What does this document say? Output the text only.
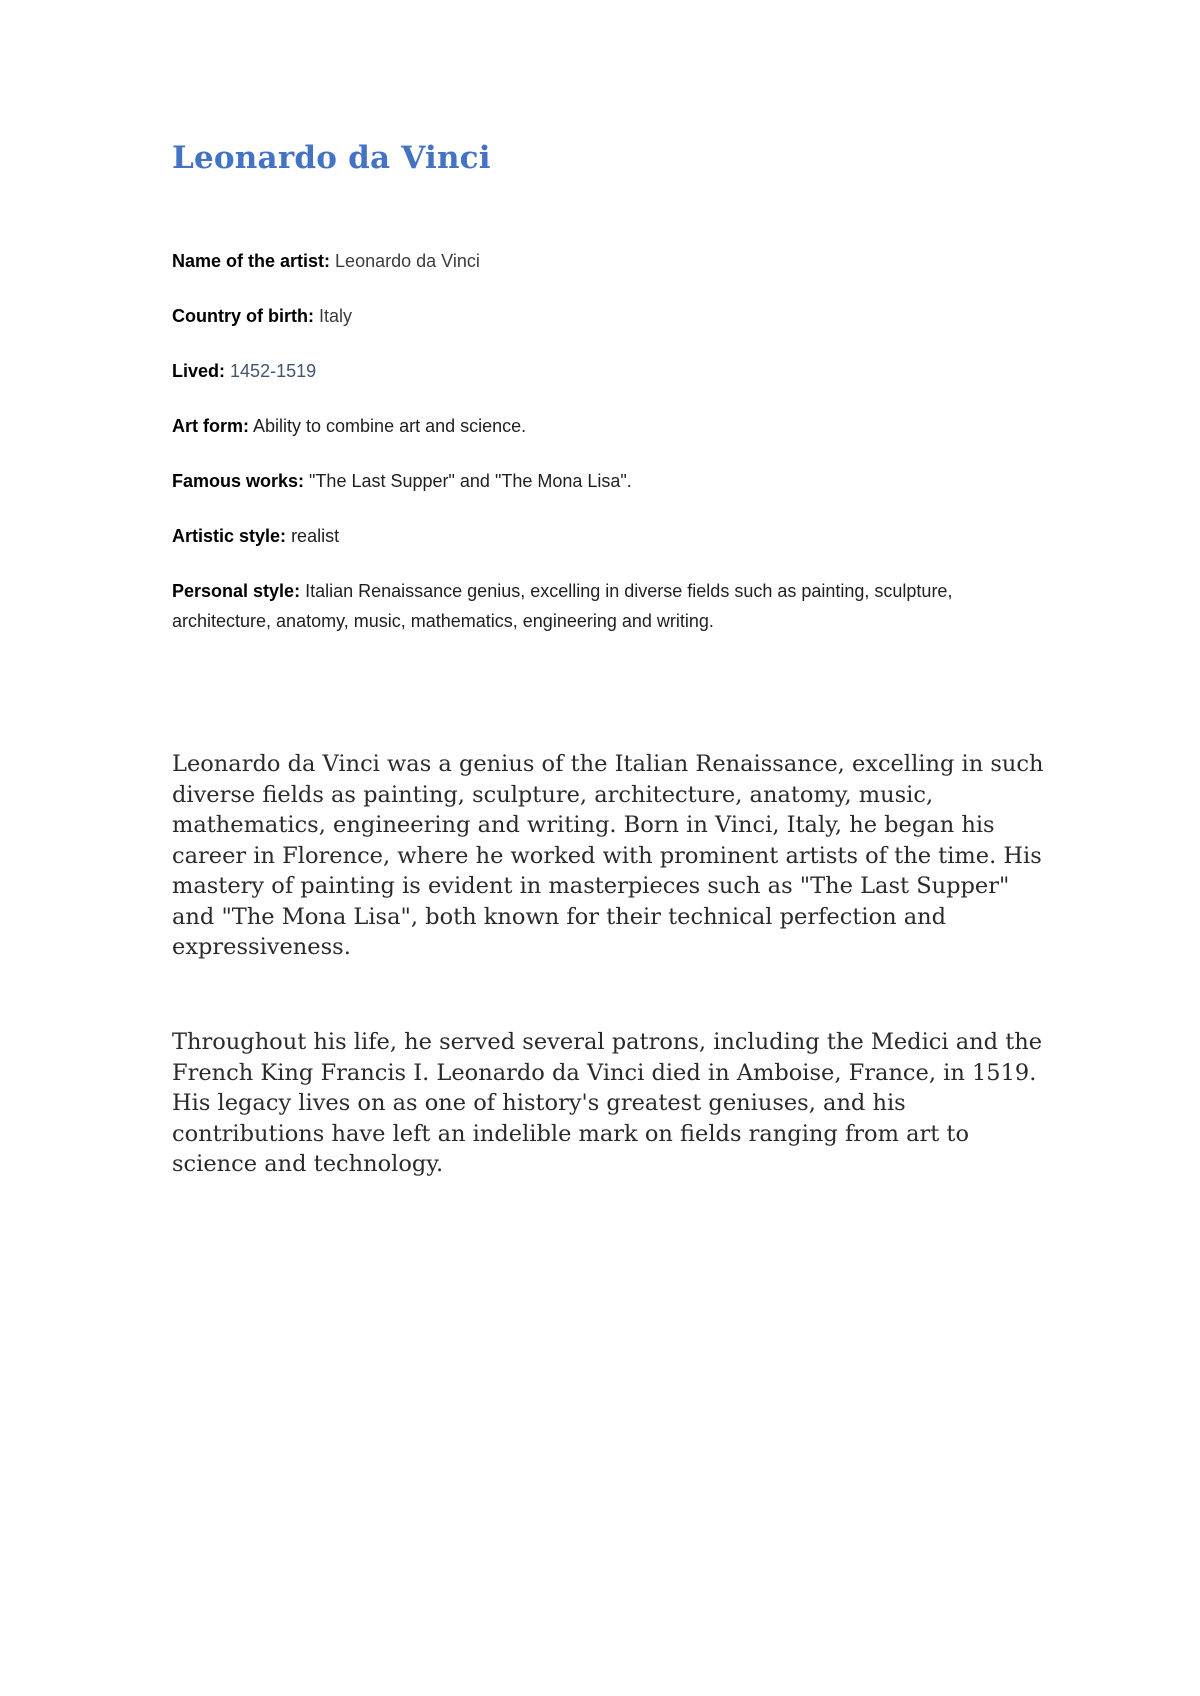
Leonardo da Vinci

Name of the artist: Leonardo da Vinci

Country of birth: Italy

Lived: 1452-1519

Art form: Ability to combine art and science.

Famous works: "The Last Supper" and "The Mona Lisa".

Artistic style: realist

Personal style: Italian Renaissance genius, excelling in diverse fields such as painting, sculpture, architecture, anatomy, music, mathematics, engineering and writing.

Leonardo da Vinci was a genius of the Italian Renaissance, excelling in such diverse fields as painting, sculpture, architecture, anatomy, music, mathematics, engineering and writing. Born in Vinci, Italy, he began his career in Florence, where he worked with prominent artists of the time. His mastery of painting is evident in masterpieces such as "The Last Supper" and "The Mona Lisa", both known for their technical perfection and expressiveness.

Throughout his life, he served several patrons, including the Medici and the French King Francis I. Leonardo da Vinci died in Amboise, France, in 1519. His legacy lives on as one of history's greatest geniuses, and his contributions have left an indelible mark on fields ranging from art to science and technology.
